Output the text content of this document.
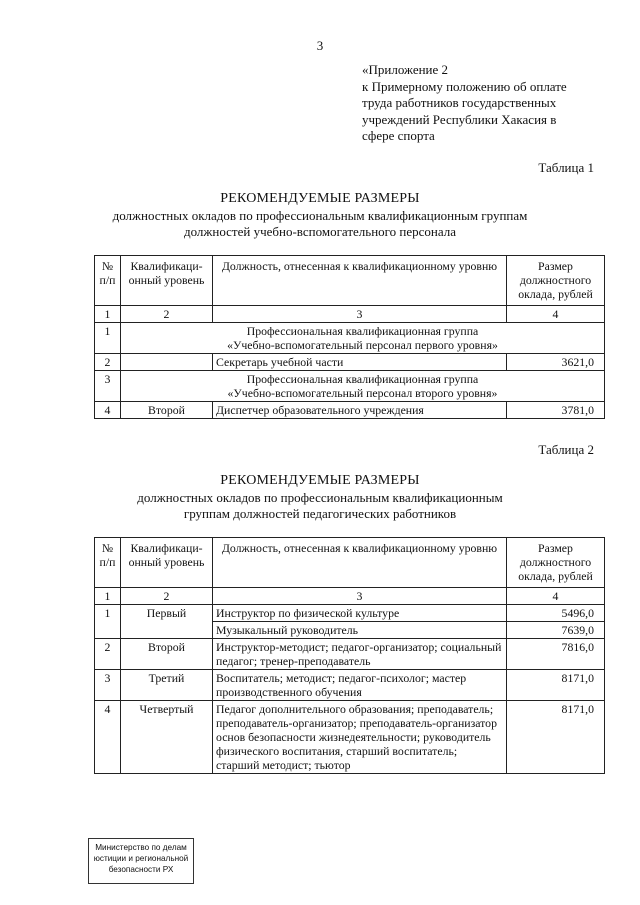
3
«Приложение 2
к Примерному положению об оплате
труда работников государственных
учреждений Республики Хакасия в
сфере спорта
Таблица 1
РЕКОМЕНДУЕМЫЕ РАЗМЕРЫ
должностных окладов по профессиональным квалификационным группам
должностей учебно-вспомогательного персонала
№ п/п	Квалификаци-онный уровень	Должность, отнесенная к квалификационному уровню	Размер должностного оклада, рублей
1	2	3	4
1	Профессиональная квалификационная группа
«Учебно-вспомогательный персонал первого уровня»		

2		Секретарь учебной части	3621,0
3	Профессиональная квалификационная группа
«Учебно-вспомогательный персонал второго уровня»		

4	Второй	Диспетчер образовательного учреждения	3781,0
Таблица 2
РЕКОМЕНДУЕМЫЕ РАЗМЕРЫ
должностных окладов по профессиональным квалификационным
группам должностей педагогических работников
№ п/п	Квалификаци-онный уровень	Должность, отнесенная к квалификационному уровню	Размер должностного оклада, рублей
1	2	3	4
1	Первый	Инструктор по физической культуре	5496,0
		Музыкальный руководитель	7639,0
2	Второй	Инструктор-методист; педагог-организатор; социальный педагог; тренер-преподаватель	7816,0
3	Третий	Воспитатель; методист; педагог-психолог; мастер производственного обучения	8171,0
4	Четвертый	Педагог дополнительного образования; преподаватель; преподаватель-организатор; преподаватель-организатор основ безопасности жизнедеятельности; руководитель физического воспитания, старший воспитатель; старший методист; тьютор	8171,0
Министерство по делам
юстиции и региональной
безопасности РХ
